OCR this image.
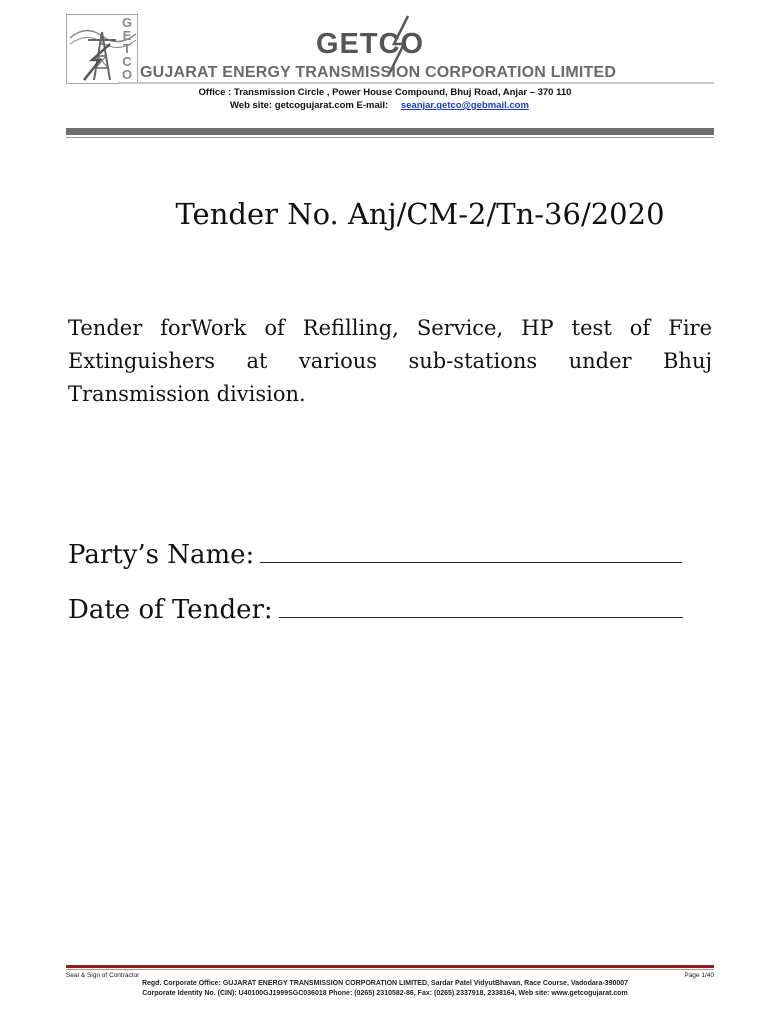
G
E
T
C
O
GETCO
GUJARAT ENERGY TRANSMISSION CORPORATION LIMITED
Office : Transmission Circle , Power House Compound, Bhuj Road, Anjar – 370 110
Web site: getcogujarat.com E-mail: seanjar.getco@gebmail.com
Tender No. Anj/CM-2/Tn-36/2020
Tender forWork of Refilling, Service, HP test of Fire Extinguishers at various sub-stations under Bhuj Transmission division.
Party’s Name:
Date of Tender:
Seal & Sign of Contractor	Page 1/40
Regd. Corporate Office: GUJARAT ENERGY TRANSMISSION CORPORATION LIMITED, Sardar Patel VidyutBhavan, Race Course, Vadodara-390007
Corporate Identity No. (CIN): U40100GJ1999SGC036018 Phone: (0265) 2310582-86, Fax: (0265) 2337918, 2338164, Web site: www.getcogujarat.com
